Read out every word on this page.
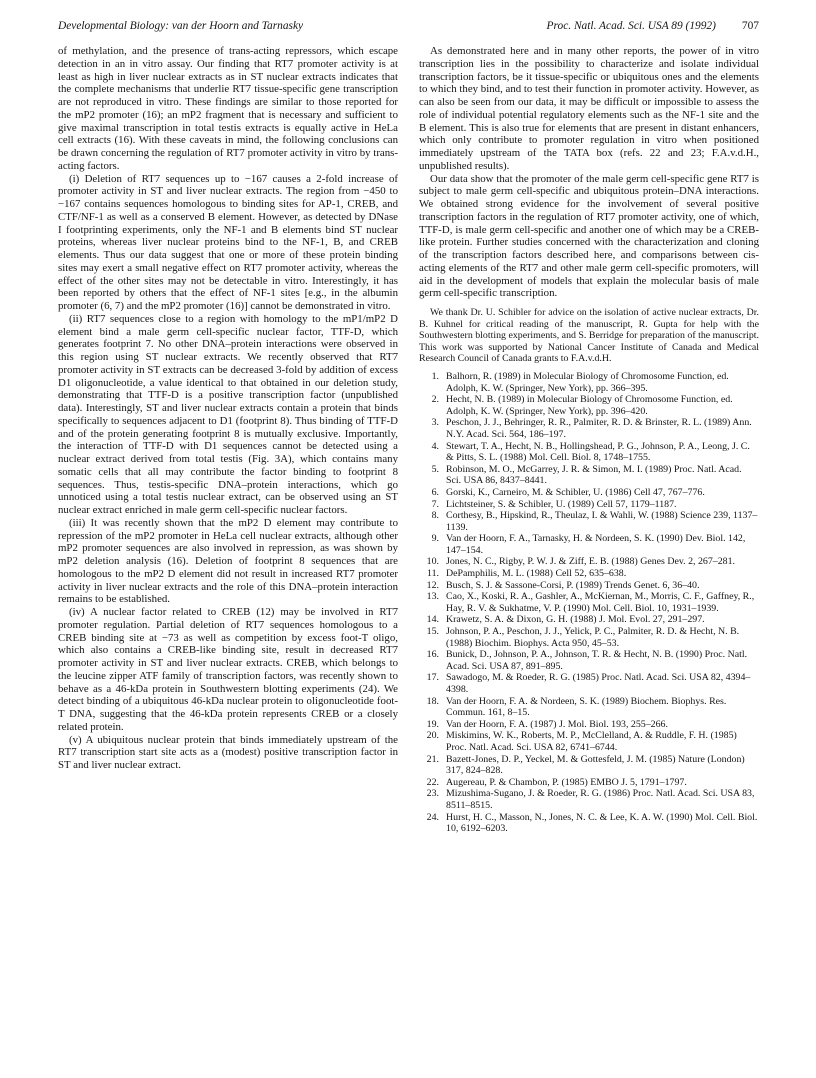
Developmental Biology: van der Hoorn and Tarnasky	Proc. Natl. Acad. Sci. USA 89 (1992) 707

of methylation, and the presence of trans-acting repressors, which escape detection in an in vitro assay. Our finding that RT7 promoter activity is at least as high in liver nuclear extracts as in ST nuclear extracts indicates that the complete mechanisms that underlie RT7 tissue-specific gene transcription are not reproduced in vitro. These findings are similar to those reported for the mP2 promoter (16); an mP2 fragment that is necessary and sufficient to give maximal transcription in total testis extracts is equally active in HeLa cell extracts (16). With these caveats in mind, the following conclusions can be drawn concerning the regulation of RT7 promoter activity in vitro by trans-acting factors.

(i) Deletion of RT7 sequences up to −167 causes a 2-fold increase of promoter activity in ST and liver nuclear extracts. The region from −450 to −167 contains sequences homologous to binding sites for AP-1, CREB, and CTF/NF-1 as well as a conserved B element. However, as detected by DNase I footprinting experiments, only the NF-1 and B elements bind ST nuclear proteins, whereas liver nuclear proteins bind to the NF-1, B, and CREB elements. Thus our data suggest that one or more of these protein binding sites may exert a small negative effect on RT7 promoter activity, whereas the effect of the other sites may not be detectable in vitro. Interestingly, it has been reported by others that the effect of NF-1 sites [e.g., in the albumin promoter (6, 7) and the mP2 promoter (16)] cannot be demonstrated in vitro.

(ii) RT7 sequences close to a region with homology to the mP1/mP2 D element bind a male germ cell-specific nuclear factor, TTF-D, which generates footprint 7. No other DNA–protein interactions were observed in this region using ST nuclear extracts. We recently observed that RT7 promoter activity in ST extracts can be decreased 3-fold by addition of excess D1 oligonucleotide, a value identical to that obtained in our deletion study, demonstrating that TTF-D is a positive transcription factor (unpublished data). Interestingly, ST and liver nuclear extracts contain a protein that binds specifically to sequences adjacent to D1 (footprint 8). Thus binding of TTF-D and of the protein generating footprint 8 is mutually exclusive. Importantly, the interaction of TTF-D with D1 sequences cannot be detected using a nuclear extract derived from total testis (Fig. 3A), which contains many somatic cells that all may contribute the factor binding to footprint 8 sequences. Thus, testis-specific DNA–protein interactions, which go unnoticed using a total testis nuclear extract, can be observed using an ST nuclear extract enriched in male germ cell-specific nuclear factors.

(iii) It was recently shown that the mP2 D element may contribute to repression of the mP2 promoter in HeLa cell nuclear extracts, although other mP2 promoter sequences are also involved in repression, as was shown by mP2 deletion analysis (16). Deletion of footprint 8 sequences that are homologous to the mP2 D element did not result in increased RT7 promoter activity in liver nuclear extracts and the role of this DNA–protein interaction remains to be established.

(iv) A nuclear factor related to CREB (12) may be involved in RT7 promoter regulation. Partial deletion of RT7 sequences homologous to a CREB binding site at −73 as well as competition by excess foot-T oligo, which also contains a CREB-like binding site, result in decreased RT7 promoter activity in ST and liver nuclear extracts. CREB, which belongs to the leucine zipper ATF family of transcription factors, was recently shown to behave as a 46-kDa protein in Southwestern blotting experiments (24). We detect binding of a ubiquitous 46-kDa nuclear protein to oligonucleotide foot-T DNA, suggesting that the 46-kDa protein represents CREB or a closely related protein.

(v) A ubiquitous nuclear protein that binds immediately upstream of the RT7 transcription start site acts as a (modest) positive transcription factor in ST and liver nuclear extract.

As demonstrated here and in many other reports, the power of in vitro transcription lies in the possibility to characterize and isolate individual transcription factors, be it tissue-specific or ubiquitous ones and the elements to which they bind, and to test their function in promoter activity. However, as can also be seen from our data, it may be difficult or impossible to assess the role of individual potential regulatory elements such as the NF-1 site and the B element. This is also true for elements that are present in distant enhancers, which only contribute to promoter regulation in vitro when positioned immediately upstream of the TATA box (refs. 22 and 23; F.A.v.d.H., unpublished results).

Our data show that the promoter of the male germ cell-specific gene RT7 is subject to male germ cell-specific and ubiquitous protein–DNA interactions. We obtained strong evidence for the involvement of several positive transcription factors in the regulation of RT7 promoter activity, one of which, TTF-D, is male germ cell-specific and another one of which may be a CREB-like protein. Further studies concerned with the characterization and cloning of the transcription factors described here, and comparisons between cis-acting elements of the RT7 and other male germ cell-specific promoters, will aid in the development of models that explain the molecular basis of male germ cell-specific transcription.

We thank Dr. U. Schibler for advice on the isolation of active nuclear extracts, Dr. B. Kuhnel for critical reading of the manuscript, R. Gupta for help with the Southwestern blotting experiments, and S. Berridge for preparation of the manuscript. This work was supported by National Cancer Institute of Canada and Medical Research Council of Canada grants to F.A.v.d.H.

1. Balhorn, R. (1989) in Molecular Biology of Chromosome Function, ed. Adolph, K. W. (Springer, New York), pp. 366–395.
2. Hecht, N. B. (1989) in Molecular Biology of Chromosome Function, ed. Adolph, K. W. (Springer, New York), pp. 396–420.
3. Peschon, J. J., Behringer, R. R., Palmiter, R. D. & Brinster, R. L. (1989) Ann. N.Y. Acad. Sci. 564, 186–197.
4. Stewart, T. A., Hecht, N. B., Hollingshead, P. G., Johnson, P. A., Leong, J. C. & Pitts, S. L. (1988) Mol. Cell. Biol. 8, 1748–1755.
5. Robinson, M. O., McGarrey, J. R. & Simon, M. I. (1989) Proc. Natl. Acad. Sci. USA 86, 8437–8441.
6. Gorski, K., Carneiro, M. & Schibler, U. (1986) Cell 47, 767–776.
7. Lichtsteiner, S. & Schibler, U. (1989) Cell 57, 1179–1187.
8. Corthesy, B., Hipskind, R., Theulaz, I. & Wahli, W. (1988) Science 239, 1137–1139.
9. Van der Hoorn, F. A., Tarnasky, H. & Nordeen, S. K. (1990) Dev. Biol. 142, 147–154.
10. Jones, N. C., Rigby, P. W. J. & Ziff, E. B. (1988) Genes Dev. 2, 267–281.
11. DePamphilis, M. L. (1988) Cell 52, 635–638.
12. Busch, S. J. & Sassone-Corsi, P. (1989) Trends Genet. 6, 36–40.
13. Cao, X., Koski, R. A., Gashler, A., McKiernan, M., Morris, C. F., Gaffney, R., Hay, R. V. & Sukhatme, V. P. (1990) Mol. Cell. Biol. 10, 1931–1939.
14. Krawetz, S. A. & Dixon, G. H. (1988) J. Mol. Evol. 27, 291–297.
15. Johnson, P. A., Peschon, J. J., Yelick, P. C., Palmiter, R. D. & Hecht, N. B. (1988) Biochim. Biophys. Acta 950, 45–53.
16. Bunick, D., Johnson, P. A., Johnson, T. R. & Hecht, N. B. (1990) Proc. Natl. Acad. Sci. USA 87, 891–895.
17. Sawadogo, M. & Roeder, R. G. (1985) Proc. Natl. Acad. Sci. USA 82, 4394–4398.
18. Van der Hoorn, F. A. & Nordeen, S. K. (1989) Biochem. Biophys. Res. Commun. 161, 8–15.
19. Van der Hoorn, F. A. (1987) J. Mol. Biol. 193, 255–266.
20. Miskimins, W. K., Roberts, M. P., McClelland, A. & Ruddle, F. H. (1985) Proc. Natl. Acad. Sci. USA 82, 6741–6744.
21. Bazett-Jones, D. P., Yeckel, M. & Gottesfeld, J. M. (1985) Nature (London) 317, 824–828.
22. Augereau, P. & Chambon, P. (1985) EMBO J. 5, 1791–1797.
23. Mizushima-Sugano, J. & Roeder, R. G. (1986) Proc. Natl. Acad. Sci. USA 83, 8511–8515.
24. Hurst, H. C., Masson, N., Jones, N. C. & Lee, K. A. W. (1990) Mol. Cell. Biol. 10, 6192–6203.
